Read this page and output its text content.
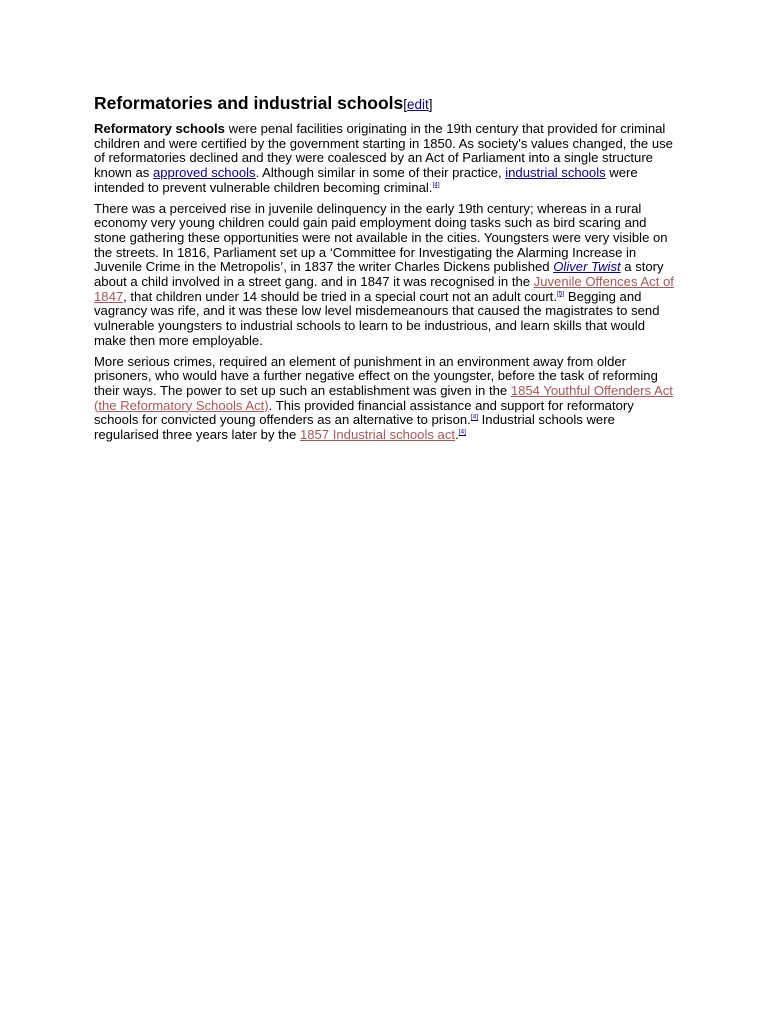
Reformatories and industrial schools[edit]

Reformatory schools were penal facilities originating in the 19th century that provided for criminal children and were certified by the government starting in 1850. As society's values changed, the use of reformatories declined and they were coalesced by an Act of Parliament into a single structure known as approved schools. Although similar in some of their practice, industrial schools were intended to prevent vulnerable children becoming criminal.[4]

There was a perceived rise in juvenile delinquency in the early 19th century; whereas in a rural economy very young children could gain paid employment doing tasks such as bird scaring and stone gathering these opportunities were not available in the cities. Youngsters were very visible on the streets. In 1816, Parliament set up a ‘Committee for Investigating the Alarming Increase in Juvenile Crime in the Metropolis’, in 1837 the writer Charles Dickens published Oliver Twist a story about a child involved in a street gang. and in 1847 it was recognised in the Juvenile Offences Act of 1847, that children under 14 should be tried in a special court not an adult court.[5] Begging and vagrancy was rife, and it was these low level misdemeanours that caused the magistrates to send vulnerable youngsters to industrial schools to learn to be industrious, and learn skills that would make then more employable.

More serious crimes, required an element of punishment in an environment away from older prisoners, who would have a further negative effect on the youngster, before the task of reforming their ways. The power to set up such an establishment was given in the 1854 Youthful Offenders Act (the Reformatory Schools Act). This provided financial assistance and support for reformatory schools for convicted young offenders as an alternative to prison.[4] Industrial schools were regularised three years later by the 1857 Industrial schools act.[4]
